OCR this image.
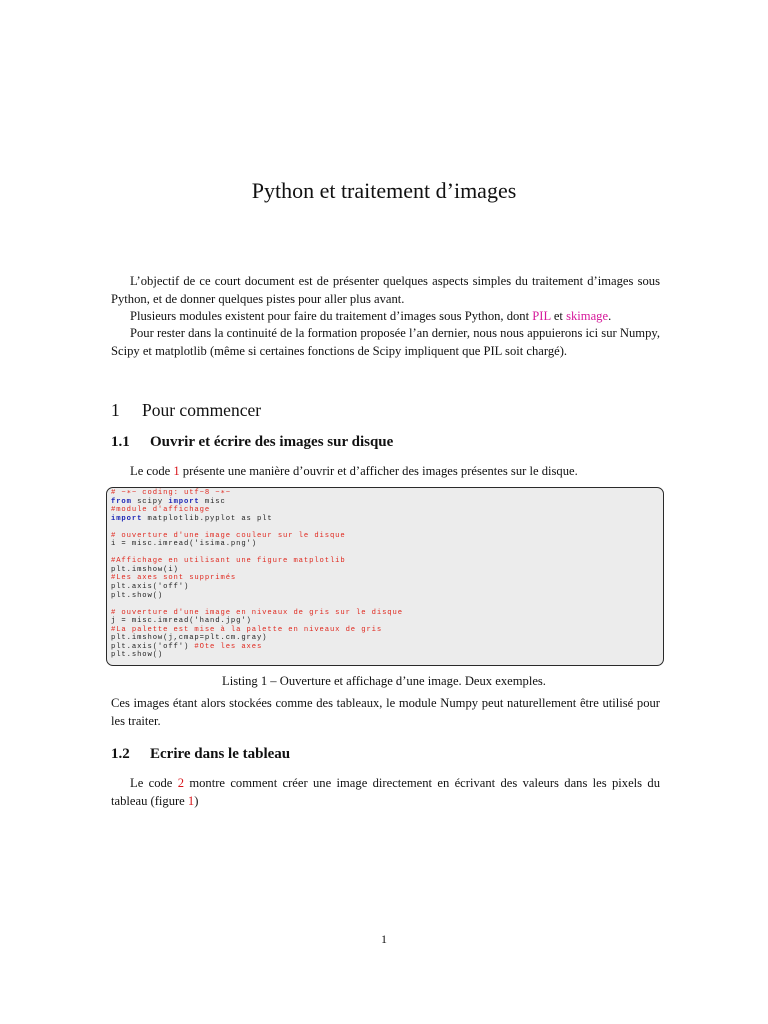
Python et traitement d’images

L’objectif de ce court document est de présenter quelques aspects simples du traitement d’images sous Python, et de donner quelques pistes pour aller plus avant.

Plusieurs modules existent pour faire du traitement d’images sous Python, dont PIL et skimage.

Pour rester dans la continuité de la formation proposée l’an dernier, nous nous appuierons ici sur Numpy, Scipy et matplotlib (même si certaines fonctions de Scipy impliquent que PIL soit chargé).

1 Pour commencer
1.1 Ouvrir et écrire des images sur disque

Le code 1 présente une manière d’ouvrir et d’afficher des images présentes sur le disque.

# −∗− coding: utf−8 −∗−
from scipy import misc
#module d'affichage
import matplotlib.pyplot as plt
# ouverture d'une image couleur sur le disque
i = misc.imread('isima.png')
#Affichage en utilisant une figure matplotlib
plt.imshow(i)
#Les axes sont supprimés
plt.axis('off')
plt.show()
# ouverture d'une image en niveaux de gris sur le disque
j = misc.imread('hand.jpg')
#La palette est mise à la palette en niveaux de gris
plt.imshow(j,cmap=plt.cm.gray)
plt.axis('off') #Ote les axes
plt.show()

Listing 1 – Ouverture et affichage d’une image. Deux exemples.

Ces images étant alors stockées comme des tableaux, le module Numpy peut naturellement être utilisé pour les traiter.

1.2 Ecrire dans le tableau

Le code 2 montre comment créer une image directement en écrivant des valeurs dans les pixels du tableau (figure 1)

1
